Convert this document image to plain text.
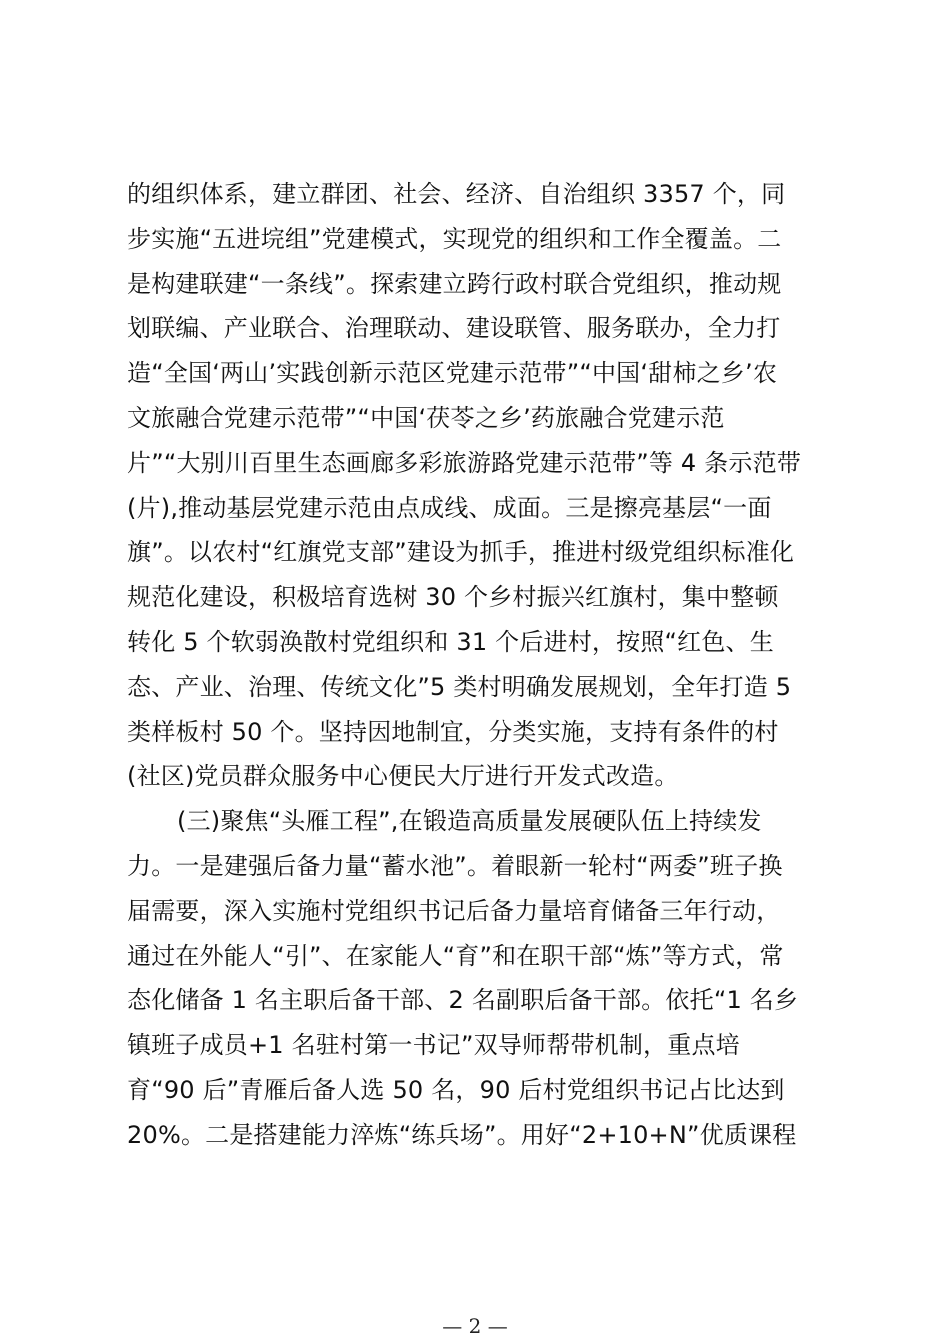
的组织体系，建立群团、社会、经济、自治组织 3357 个，同
步实施“五进垸组”党建模式，实现党的组织和工作全覆盖。二
是构建联建“一条线”。探索建立跨行政村联合党组织，推动规
划联编、产业联合、治理联动、建设联管、服务联办，全力打
造“全国‘两山’实践创新示范区党建示范带”“中国‘甜柿之乡’农
文旅融合党建示范带”“中国‘茯苓之乡’药旅融合党建示范
片”“大别川百里生态画廊多彩旅游路党建示范带”等 4 条示范带
(片),推动基层党建示范由点成线、成面。三是擦亮基层“一面
旗”。以农村“红旗党支部”建设为抓手，推进村级党组织标准化
规范化建设，积极培育选树 30 个乡村振兴红旗村，集中整顿
转化 5 个软弱涣散村党组织和 31 个后进村，按照“红色、生
态、产业、治理、传统文化”5 类村明确发展规划，全年打造 5
类样板村 50 个。坚持因地制宜，分类实施，支持有条件的村
(社区)党员群众服务中心便民大厅进行开发式改造。
(三)聚焦“头雁工程”,在锻造高质量发展硬队伍上持续发
力。一是建强后备力量“蓄水池”。着眼新一轮村“两委”班子换
届需要，深入实施村党组织书记后备力量培育储备三年行动，
通过在外能人“引”、在家能人“育”和在职干部“炼”等方式，常
态化储备 1 名主职后备干部、2 名副职后备干部。依托“1 名乡
镇班子成员+1 名驻村第一书记”双导师帮带机制，重点培
育“90 后”青雁后备人选 50 名，90 后村党组织书记占比达到
20%。二是搭建能力淬炼“练兵场”。用好“2+10+N”优质课程
— 2 —
